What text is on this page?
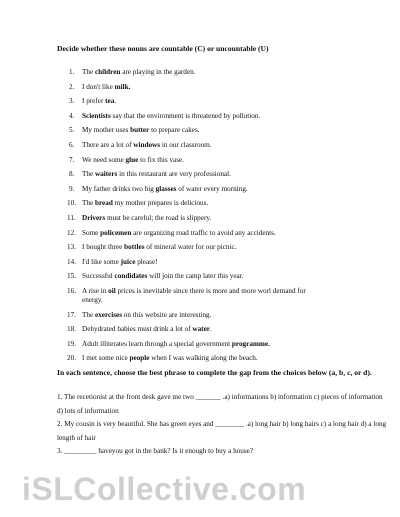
Decide whether these nouns are countable (C) or uncountable (U)
1. The children are playing in the garden.
2. I don't like milk.
3. I prefer tea.
4. Scientists say that the environment is threatened by pollution.
5. My mother uses butter to prepare cakes.
6. There are a lot of windows in our classroom.
7. We need some glue to fix this vase.
8. The waiters in this restaurant are very professional.
9. My father drinks two big glasses of water every morning.
10. The bread my mother prepares is delicious.
11. Drivers must be careful; the road is slippery.
12. Some policemen are organizing road traffic to avoid any accidents.
13. I bought three bottles of mineral water for our picnic.
14. I'd like some juice please!
15. Successful condidates will join the camp later this year.
16. A rise in oil prices is inevitable since there is more and more worl demand for
energy.
17. The exercises on this website are interesting.
18. Dehydrated babies must drink a lot of water.
19. Adult illiterates learn through a special government programme.
20. I met some nice people when I was walking along the beach.
In each sentence, choose the best phrase to complete the gap from the choices below (a, b, c, or d).
1. The recetionist at the front desk gave me two _______ .a) informations b) information c) pieces of information d) lots of information
2. My cousin is very beautiful. She has green eyes and ________ .a) long hair b) long hairs c) a long hair d) a long length of hair
3. _________ haveyou got in the bank? Is it enough to buy a house?
iSLCollective.com
